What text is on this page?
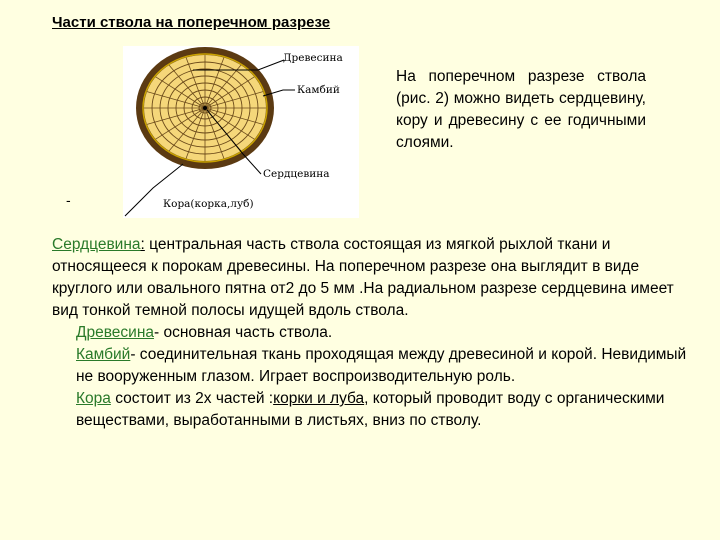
Части ствола на поперечном разрезе
Древесина
Камбий
Сердцевина
Кора(корка,луб)

На поперечном разрезе ствола (рис. 2) можно видеть сердцевину, кору и древесину с ее годичными слоями.

-

Сердцевина: центральная часть ствола состоящая из мягкой рыхлой ткани и относящееся к порокам древесины. На поперечном разрезе она выглядит в виде круглого или овального пятна от2 до 5 мм .На радиальном разрезе сердцевина имеет вид тонкой темной полосы идущей вдоль ствола.

Древесина- основная часть ствола.

Камбий- соединительная ткань проходящая между древесиной и корой. Невидимый не вооруженным глазом. Играет воспроизводительную роль.

Кора состоит из 2х частей :корки и луба, который проводит воду с органическими веществами, выработанными в листьях, вниз по стволу.
